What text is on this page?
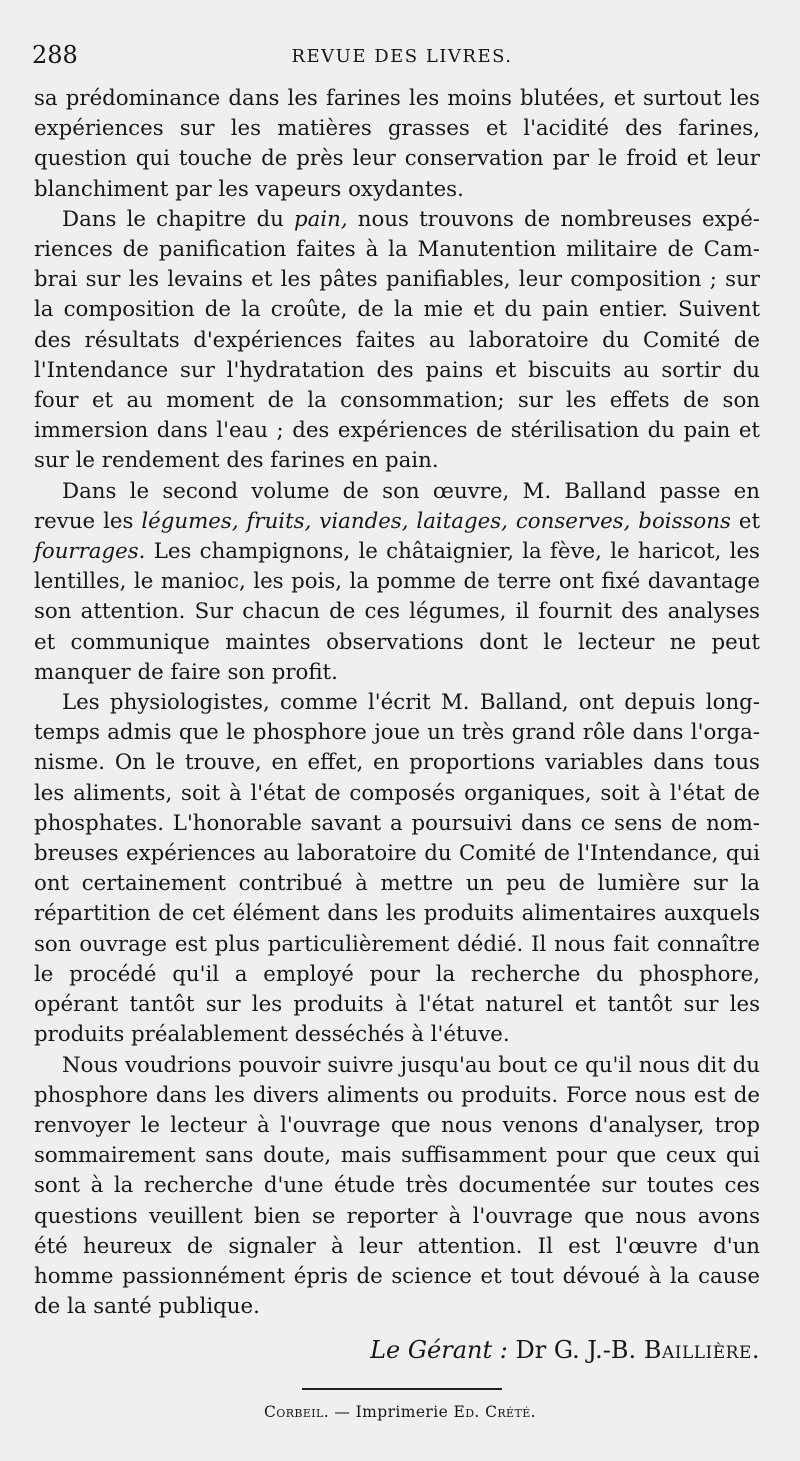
288	REVUE DES LIVRES.

sa prédominance dans les farines les moins blutées, et surtout les expériences sur les matières grasses et l'acidité des farines, question qui touche de près leur conservation par le froid et leur blanchiment par les vapeurs oxydantes.

Dans le chapitre du pain, nous trouvons de nombreuses expériences de panification faites à la Manutention militaire de Cambrai sur les levains et les pâtes panifiables, leur composition ; sur la composition de la croûte, de la mie et du pain entier. Suivent des résultats d'expériences faites au laboratoire du Comité de l'Intendance sur l'hydratation des pains et biscuits au sortir du four et au moment de la consommation; sur les effets de son immersion dans l'eau ; des expériences de stérilisation du pain et sur le rendement des farines en pain.

Dans le second volume de son œuvre, M. Balland passe en revue les légumes, fruits, viandes, laitages, conserves, boissons et fourrages. Les champignons, le châtaignier, la fève, le haricot, les lentilles, le manioc, les pois, la pomme de terre ont fixé davantage son attention. Sur chacun de ces légumes, il fournit des analyses et communique maintes observations dont le lecteur ne peut manquer de faire son profit.

Les physiologistes, comme l'écrit M. Balland, ont depuis longtemps admis que le phosphore joue un très grand rôle dans l'organisme. On le trouve, en effet, en proportions variables dans tous les aliments, soit à l'état de composés organiques, soit à l'état de phosphates. L'honorable savant a poursuivi dans ce sens de nombreuses expériences au laboratoire du Comité de l'Intendance, qui ont certainement contribué à mettre un peu de lumière sur la répartition de cet élément dans les produits alimentaires auxquels son ouvrage est plus particulièrement dédié. Il nous fait connaître le procédé qu'il a employé pour la recherche du phosphore, opérant tantôt sur les produits à l'état naturel et tantôt sur les produits préalablement desséchés à l'étuve.

Nous voudrions pouvoir suivre jusqu'au bout ce qu'il nous dit du phosphore dans les divers aliments ou produits. Force nous est de renvoyer le lecteur à l'ouvrage que nous venons d'analyser, trop sommairement sans doute, mais suffisamment pour que ceux qui sont à la recherche d'une étude très documentée sur toutes ces questions veuillent bien se reporter à l'ouvrage que nous avons été heureux de signaler à leur attention. Il est l'œuvre d'un homme passionnément épris de science et tout dévoué à la cause de la santé publique.

Le Gérant : Dr G. J.-B. Baillière.
Corbeil. — Imprimerie Ed. Crété.
